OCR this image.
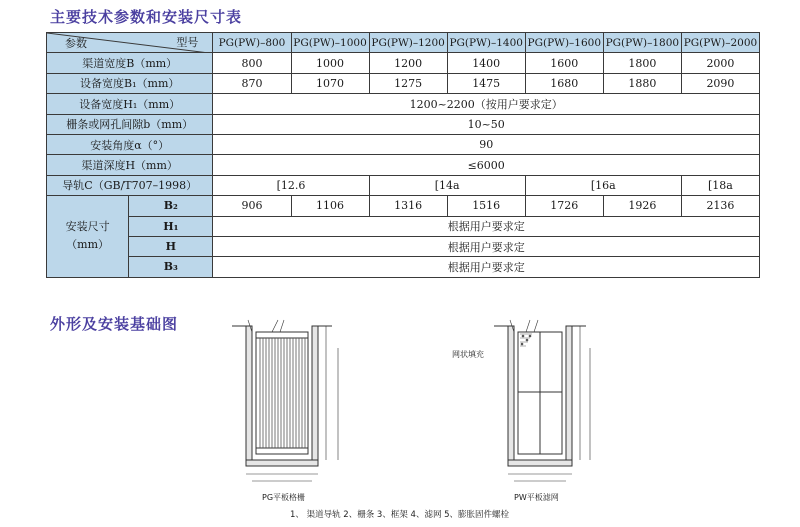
主要技术参数和安装尺寸表
型号
参数		PG(PW)–800	PG(PW)–1000	PG(PW)–1200	PG(PW)–1400	PG(PW)–1600	PG(PW)–1800	PG(PW)–2000
渠道宽度B（mm）		800	1000	1200	1400	1600	1800	2000
设备宽度B₁（mm）		870	1070	1275	1475	1680	1880	2090
设备宽度H₁（mm）		1200~2200（按用户要求定）						
栅条或网孔间隙b（mm）		10~50						
安装角度α（°）		90						
渠道深度H（mm）		≤6000						
导轨C（GB/T707–1998）		[12.6		[14a		[16a		[18a

安装尺寸
（mm）	B₂	906	1106	1316	1516	1726	1926	2136
	H₁	根据用户要求定						
	H	根据用户要求定						
	B₃	根据用户要求定						
外形及安装基础图
PG平板格栅
网状填充
PW平板滤网
1、 渠道导轨 2、栅条 3、框架 4、滤网 5、膨胀固件螺栓
